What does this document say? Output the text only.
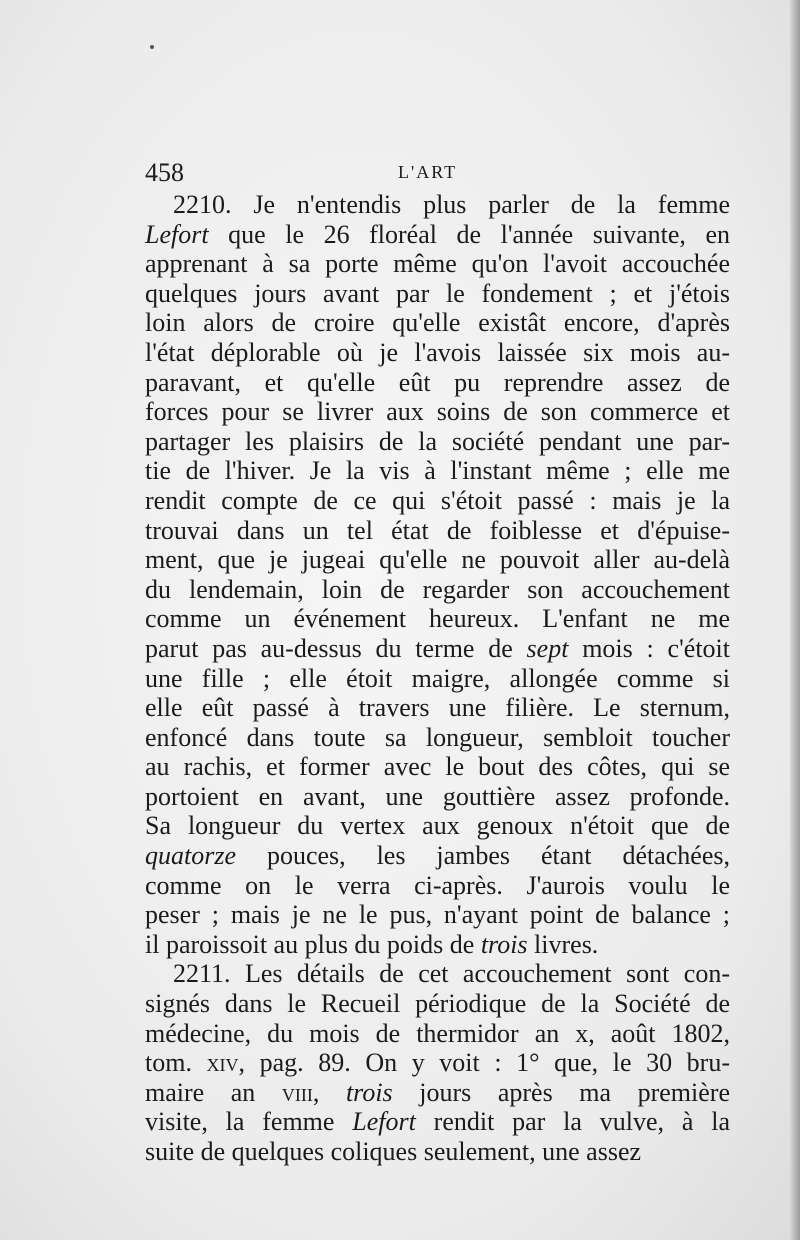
458	L'ART
2210. Je n'entendis plus parler de la femme
Lefort que le 26 floréal de l'année suivante, en
apprenant à sa porte même qu'on l'avoit accouchée
quelques jours avant par le fondement ; et j'étois
loin alors de croire qu'elle existât encore, d'après
l'état déplorable où je l'avois laissée six mois au-
paravant, et qu'elle eût pu reprendre assez de
forces pour se livrer aux soins de son commerce et
partager les plaisirs de la société pendant une par-
tie de l'hiver. Je la vis à l'instant même ; elle me
rendit compte de ce qui s'étoit passé : mais je la
trouvai dans un tel état de foiblesse et d'épuise-
ment, que je jugeai qu'elle ne pouvoit aller au-delà
du lendemain, loin de regarder son accouchement
comme un événement heureux. L'enfant ne me
parut pas au-dessus du terme de sept mois : c'étoit
une fille ; elle étoit maigre, allongée comme si
elle eût passé à travers une filière. Le sternum,
enfoncé dans toute sa longueur, sembloit toucher
au rachis, et former avec le bout des côtes, qui se
portoient en avant, une gouttière assez profonde.
Sa longueur du vertex aux genoux n'étoit que de
quatorze pouces, les jambes étant détachées,
comme on le verra ci-après. J'aurois voulu le
peser ; mais je ne le pus, n'ayant point de balance ;
il paroissoit au plus du poids de trois livres.
2211. Les détails de cet accouchement sont con-
signés dans le Recueil périodique de la Société de
médecine, du mois de thermidor an x, août 1802,
tom. xiv, pag. 89. On y voit : 1° que, le 30 bru-
maire an viii, trois jours après ma première
visite, la femme Lefort rendit par la vulve, à la
suite de quelques coliques seulement, une assez
